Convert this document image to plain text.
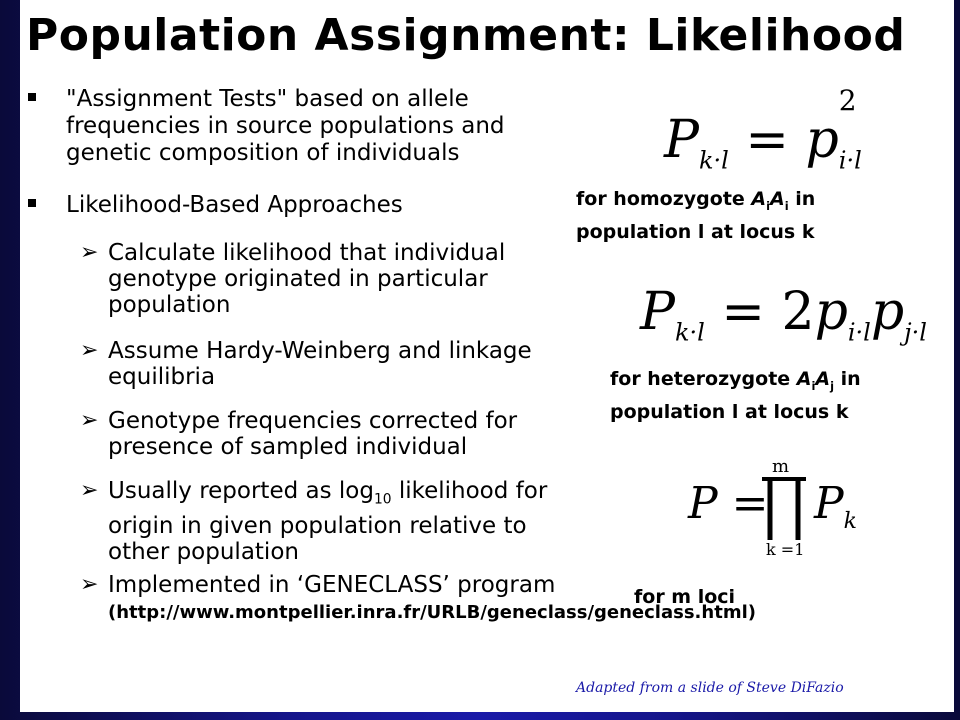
Population Assignment: Likelihood
"Assignment Tests" based on allele frequencies in source populations and genetic composition of individuals
Likelihood-Based Approaches
➢ Calculate likelihood that individual genotype originated in particular population
➢ Assume Hardy-Weinberg and linkage equilibria
➢ Genotype frequencies corrected for presence of sampled individual
➢ Usually reported as $\log_{10}$ likelihood for origin in given population relative to other population
➢ Implemented in ‘GENECLASS’ program (http://www.montpellier.inra.fr/URLB/geneclass/geneclass.html)
$P_{k\cdot l} = p$
2
$_{i\cdot l}$
for homozygote $A_iA_i$ in
population l at locus k
$P_{k\cdot l} = 2p_{i\cdot l}p_{j\cdot l}$
for heterozygote $A_iA_j$ in
population l at locus k
P =
m
k =1
$P_k$
for m loci
Adapted from a slide of Steve DiFazio
